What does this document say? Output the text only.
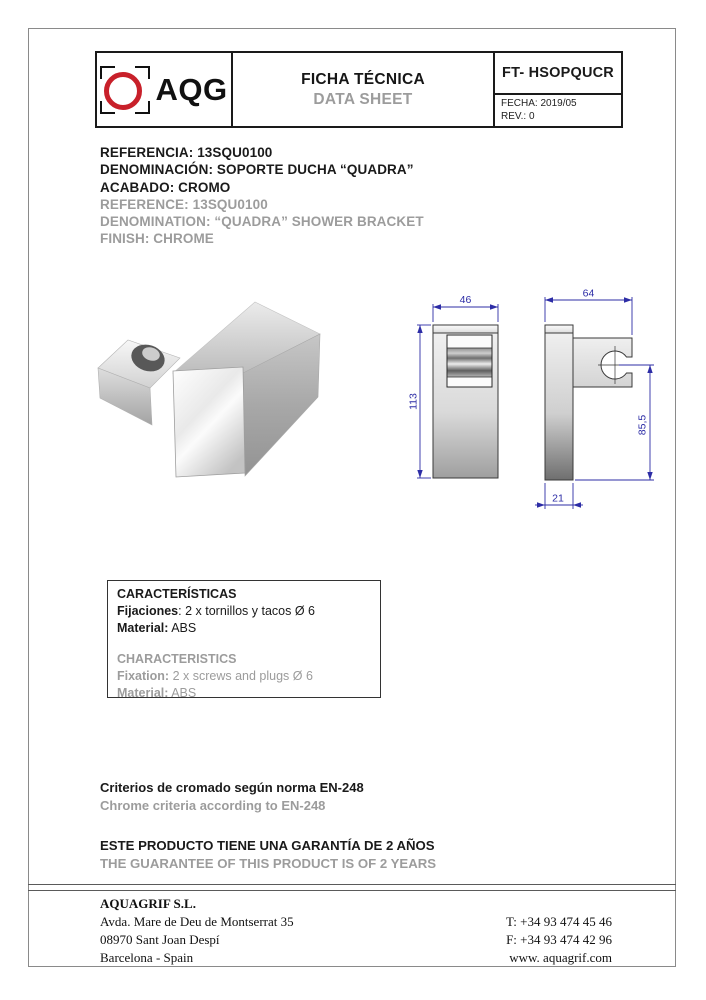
AQG	FICHA TÉCNICA
DATA SHEET
FT- HSOPQUCR
FECHA: 2019/05
REV.: 0
REFERENCIA: 13SQU0100
DENOMINACIÓN: SOPORTE DUCHA “QUADRA”
ACABADO: CROMO
REFERENCE: 13SQU0100
DENOMINATION: “QUADRA” SHOWER BRACKET
FINISH: CHROME
46
113
64
85,5
21
CARACTERÍSTICAS
Fijaciones: 2 x tornillos y tacos Ø 6
Material: ABS
CHARACTERISTICS
Fixation: 2 x screws and plugs Ø 6
Material: ABS
Criterios de cromado según norma EN-248
Chrome criteria according to EN-248
ESTE PRODUCTO TIENE UNA GARANTÍA DE 2 AÑOS
THE GUARANTEE OF THIS PRODUCT IS OF 2 YEARS
AQUAGRIF S.L.
Avda. Mare de Deu de Montserrat 35
08970 Sant Joan Despí
Barcelona - Spain
T: +34 93 474 45 46
F: +34 93 474 42 96
www. aquagrif.com
